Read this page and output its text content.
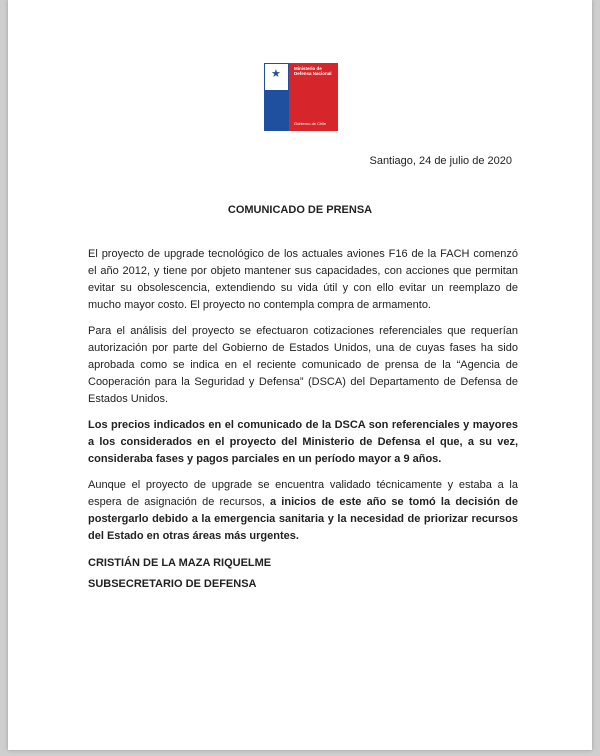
★	Ministerio de Defensa Nacional
Gobierno de Chile
Santiago, 24 de julio de 2020
COMUNICADO DE PRENSA

El proyecto de upgrade tecnológico de los actuales aviones F16 de la FACH comenzó el año 2012, y tiene por objeto mantener sus capacidades, con acciones que permitan evitar su obsolescencia, extendiendo su vida útil y con ello evitar un reemplazo de mucho mayor costo. El proyecto no contempla compra de armamento.

Para el análisis del proyecto se efectuaron cotizaciones referenciales que requerían autorización por parte del Gobierno de Estados Unidos, una de cuyas fases ha sido aprobada como se indica en el reciente comunicado de prensa de la “Agencia de Cooperación para la Seguridad y Defensa” (DSCA) del Departamento de Defensa de Estados Unidos.

Los precios indicados en el comunicado de la DSCA son referenciales y mayores a los considerados en el proyecto del Ministerio de Defensa el que, a su vez, consideraba fases y pagos parciales en un período mayor a 9 años.

Aunque el proyecto de upgrade se encuentra validado técnicamente y estaba a la espera de asignación de recursos, a inicios de este año se tomó la decisión de postergarlo debido a la emergencia sanitaria y la necesidad de priorizar recursos del Estado en otras áreas más urgentes.

CRISTIÁN DE LA MAZA RIQUELME
SUBSECRETARIO DE DEFENSA
